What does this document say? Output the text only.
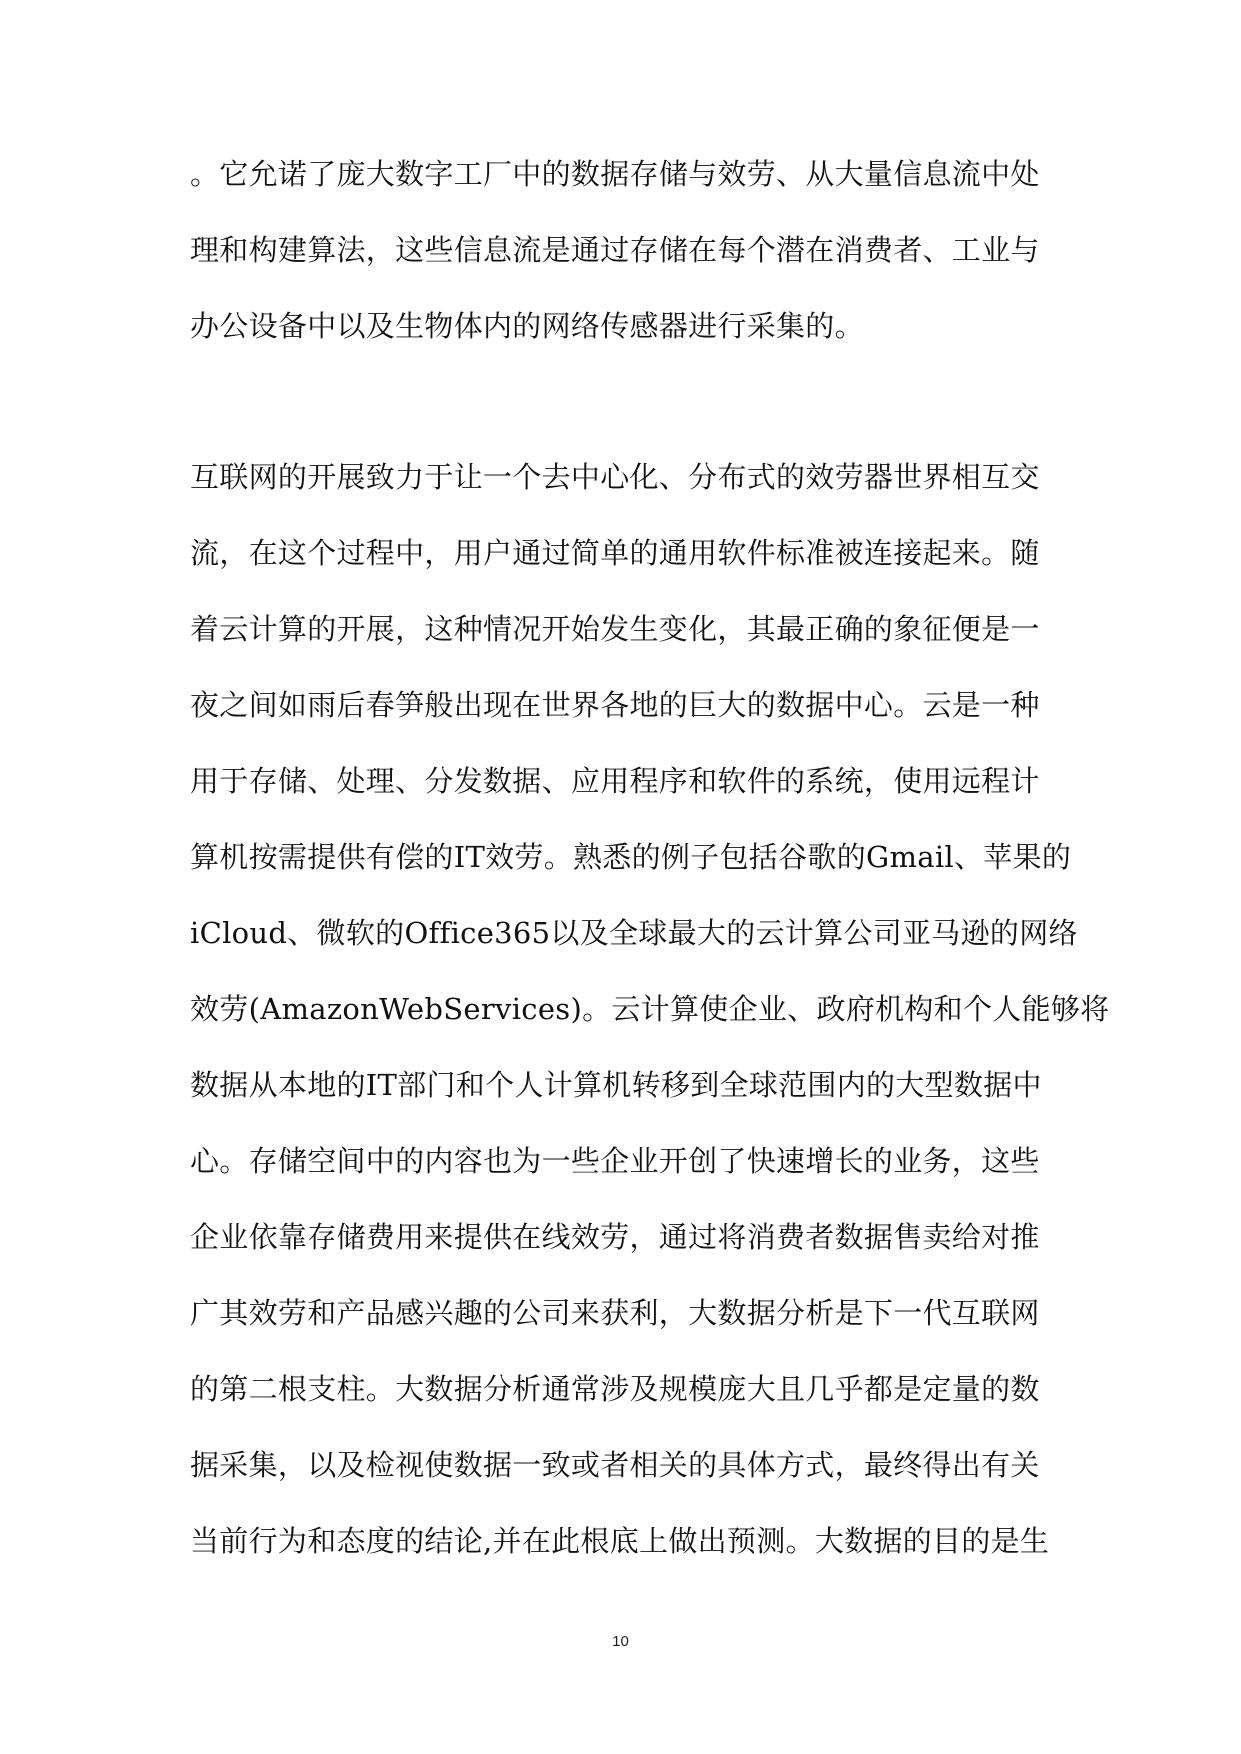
。它允诺了庞大数字工厂中的数据存储与效劳、从大量信息流中处
理和构建算法，这些信息流是通过存储在每个潜在消费者、工业与
办公设备中以及生物体内的网络传感器进行采集的。
互联网的开展致力于让一个去中心化、分布式的效劳器世界相互交
流，在这个过程中，用户通过简单的通用软件标准被连接起来。随
着云计算的开展，这种情况开始发生变化，其最正确的象征便是一
夜之间如雨后春笋般出现在世界各地的巨大的数据中心。云是一种
用于存储、处理、分发数据、应用程序和软件的系统，使用远程计
算机按需提供有偿的IT效劳。熟悉的例子包括谷歌的Gmail、苹果的
iCloud、微软的Office365以及全球最大的云计算公司亚马逊的网络
效劳(AmazonWebServices)。云计算使企业、政府机构和个人能够将
数据从本地的IT部门和个人计算机转移到全球范围内的大型数据中
心。存储空间中的内容也为一些企业开创了快速增长的业务，这些
企业依靠存储费用来提供在线效劳，通过将消费者数据售卖给对推
广其效劳和产品感兴趣的公司来获利，大数据分析是下一代互联网
的第二根支柱。大数据分析通常涉及规模庞大且几乎都是定量的数
据采集，以及检视使数据一致或者相关的具体方式，最终得出有关
当前行为和态度的结论,并在此根底上做出预测。大数据的目的是生
10
